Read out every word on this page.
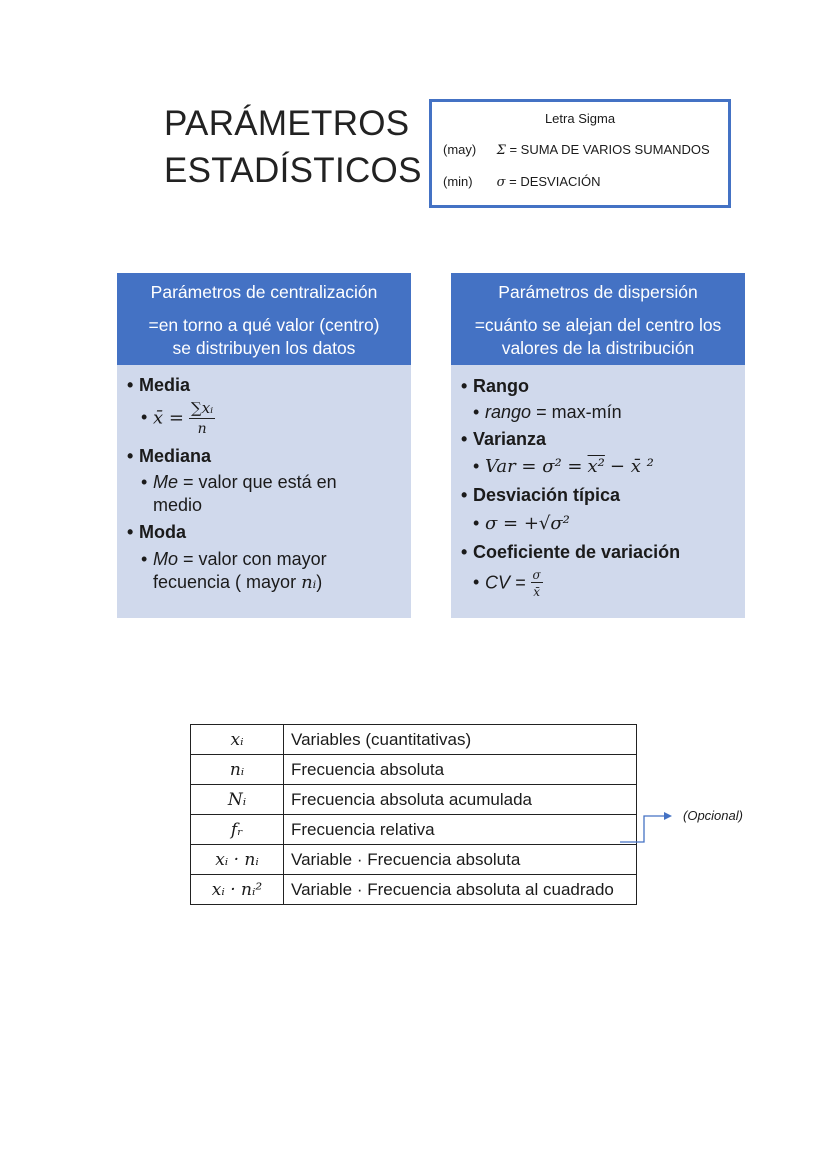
PARÁMETROS
ESTADÍSTICOS
Letra Sigma
(may) Σ = SUMA DE VARIOS SUMANDOS
(min) σ = DESVIACIÓN
Parámetros de centralización
=en torno a qué valor (centro)
se distribuyen los datos
• Media
• x̄ = $\frac{\text{∑xᵢ}}{n}$
• Mediana
• Me = valor que está en
medio
• Moda
• Mo = valor con mayor
fecuencia ( mayor nᵢ)
Parámetros de dispersión
=cuánto se alejan del centro los
valores de la distribución
• Rango
• rango = max-mín
• Varianza
• Var = σ² = x² − x̄ ²
• Desviación típica
• σ = +√σ²
• Coeficiente de variación
• CV = $\frac{\sigma}{x̄}$
xᵢ	Variables (cuantitativas)
nᵢ	Frecuencia absoluta
Nᵢ	Frecuencia absoluta acumulada
fᵣ	Frecuencia relativa
xᵢ · nᵢ	Variable · Frecuencia absoluta
xᵢ · nᵢ²	Variable · Frecuencia absoluta al cuadrado
(Opcional)
